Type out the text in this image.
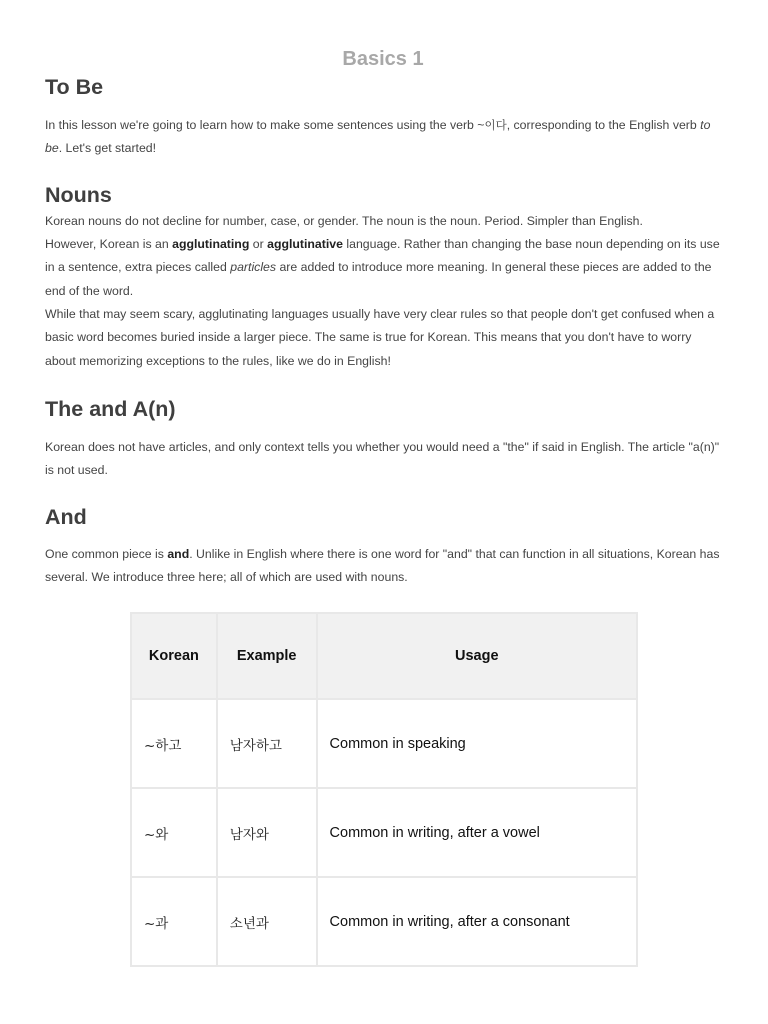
Basics 1
To Be

In this lesson we're going to learn how to make some sentences using the verb ~이다, corresponding to the English verb to be. Let's get started!

Nouns

Korean nouns do not decline for number, case, or gender. The noun is the noun. Period. Simpler than English.

However, Korean is an agglutinating or agglutinative language. Rather than changing the base noun depending on its use in a sentence, extra pieces called particles are added to introduce more meaning. In general these pieces are added to the end of the word.

While that may seem scary, agglutinating languages usually have very clear rules so that people don't get confused when a basic word becomes buried inside a larger piece. The same is true for Korean. This means that you don't have to worry about memorizing exceptions to the rules, like we do in English!

The and A(n)

Korean does not have articles, and only context tells you whether you would need a "the" if said in English. The article "a(n)" is not used.

And

One common piece is and. Unlike in English where there is one word for "and" that can function in all situations, Korean has several. We introduce three here; all of which are used with nouns.

Korean	Example	Usage
~하고	남자하고	Common in speaking
~와	남자와	Common in writing, after a vowel
~과	소년과	Common in writing, after a consonant
